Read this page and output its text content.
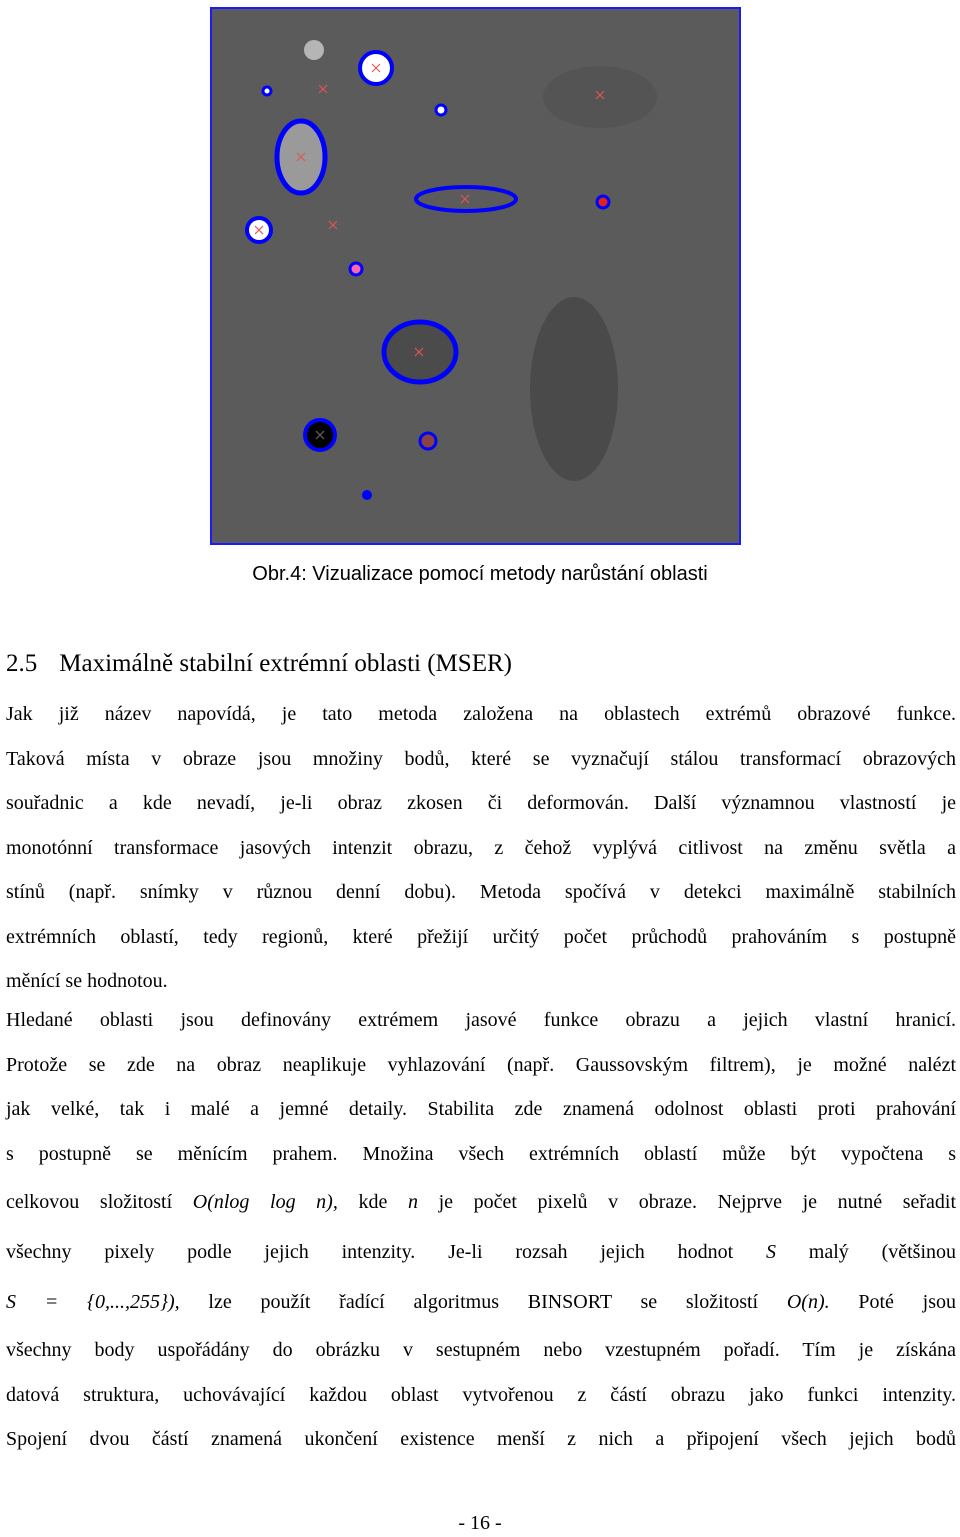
Obr.4: Vizualizace pomocí metody narůstání oblasti
2.5 Maximálně stabilní extrémní oblasti (MSER)
Jak již název napovídá, je tato metoda založena na oblastech extrémů obrazové funkce.
Taková místa v obraze jsou množiny bodů, které se vyznačují stálou transformací obrazových
souřadnic a kde nevadí, je-li obraz zkosen či deformován. Další významnou vlastností je
monotónní transformace jasových intenzit obrazu, z čehož vyplývá citlivost na změnu světla a
stínů (např. snímky v různou denní dobu). Metoda spočívá v detekci maximálně stabilních
extrémních oblastí, tedy regionů, které přežijí určitý počet průchodů prahováním s postupně
měnící se hodnotou.
Hledané oblasti jsou definovány extrémem jasové funkce obrazu a jejich vlastní hranicí.
Protože se zde na obraz neaplikuje vyhlazování (např. Gaussovským filtrem), je možné nalézt
jak velké, tak i malé a jemné detaily. Stabilita zde znamená odolnost oblasti proti prahování
s postupně se měnícím prahem. Množina všech extrémních oblastí může být vypočtena s
celkovou složitostí O(nlog log n), kde n je počet pixelů v obraze. Nejprve je nutné seřadit
všechny pixely podle jejich intenzity. Je-li rozsah jejich hodnot S malý (většinou
S = {0,...,255}), lze použít řadící algoritmus BINSORT se složitostí O(n). Poté jsou
všechny body uspořádány do obrázku v sestupném nebo vzestupném pořadí. Tím je získána
datová struktura, uchovávající každou oblast vytvořenou z částí obrazu jako funkci intenzity.
Spojení dvou částí znamená ukončení existence menší z nich a připojení všech jejich bodů
- 16 -
